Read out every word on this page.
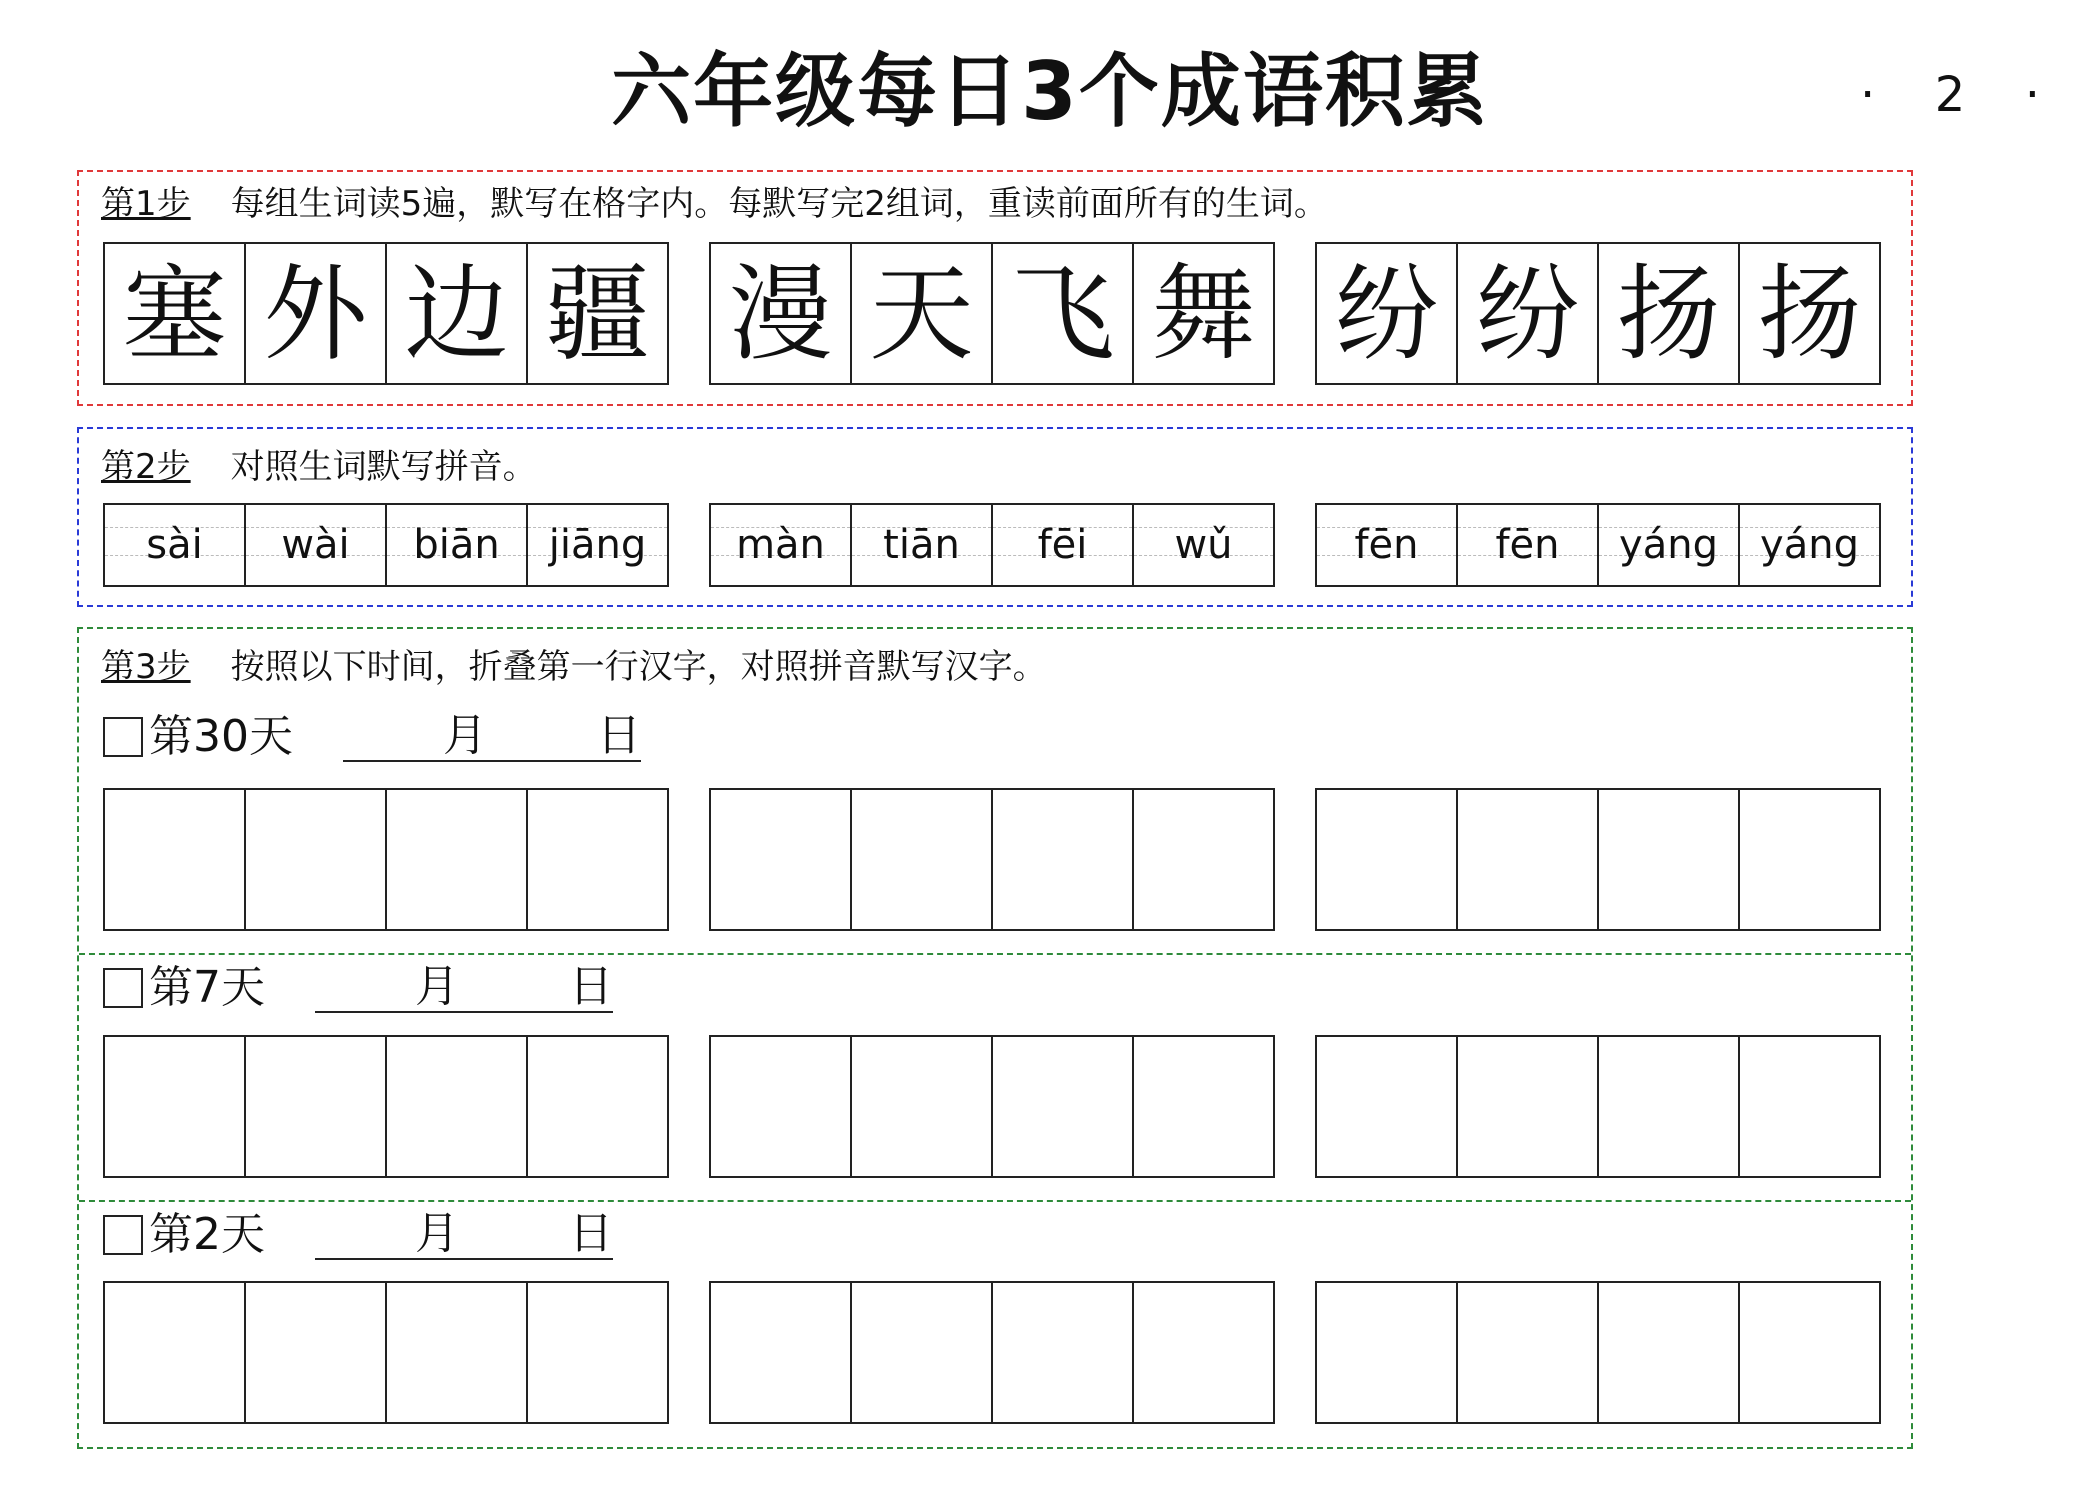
六年级每日3个成语积累	· 2 ·
第1步 每组生词读5遍，默写在格字内。每默写完2组词，重读前面所有的生词。
塞 外 边 疆 漫 天 飞 舞 纷 纷 扬 扬
第2步 对照生词默写拼音。
sài wài biān jiāng màn tiān fēi wǔ	fēn fēn yáng yáng
第3步 按照以下时间，折叠第一行汉字，对照拼音默写汉字。
第30天	月	日
第7天	月	日
第2天	月	日
